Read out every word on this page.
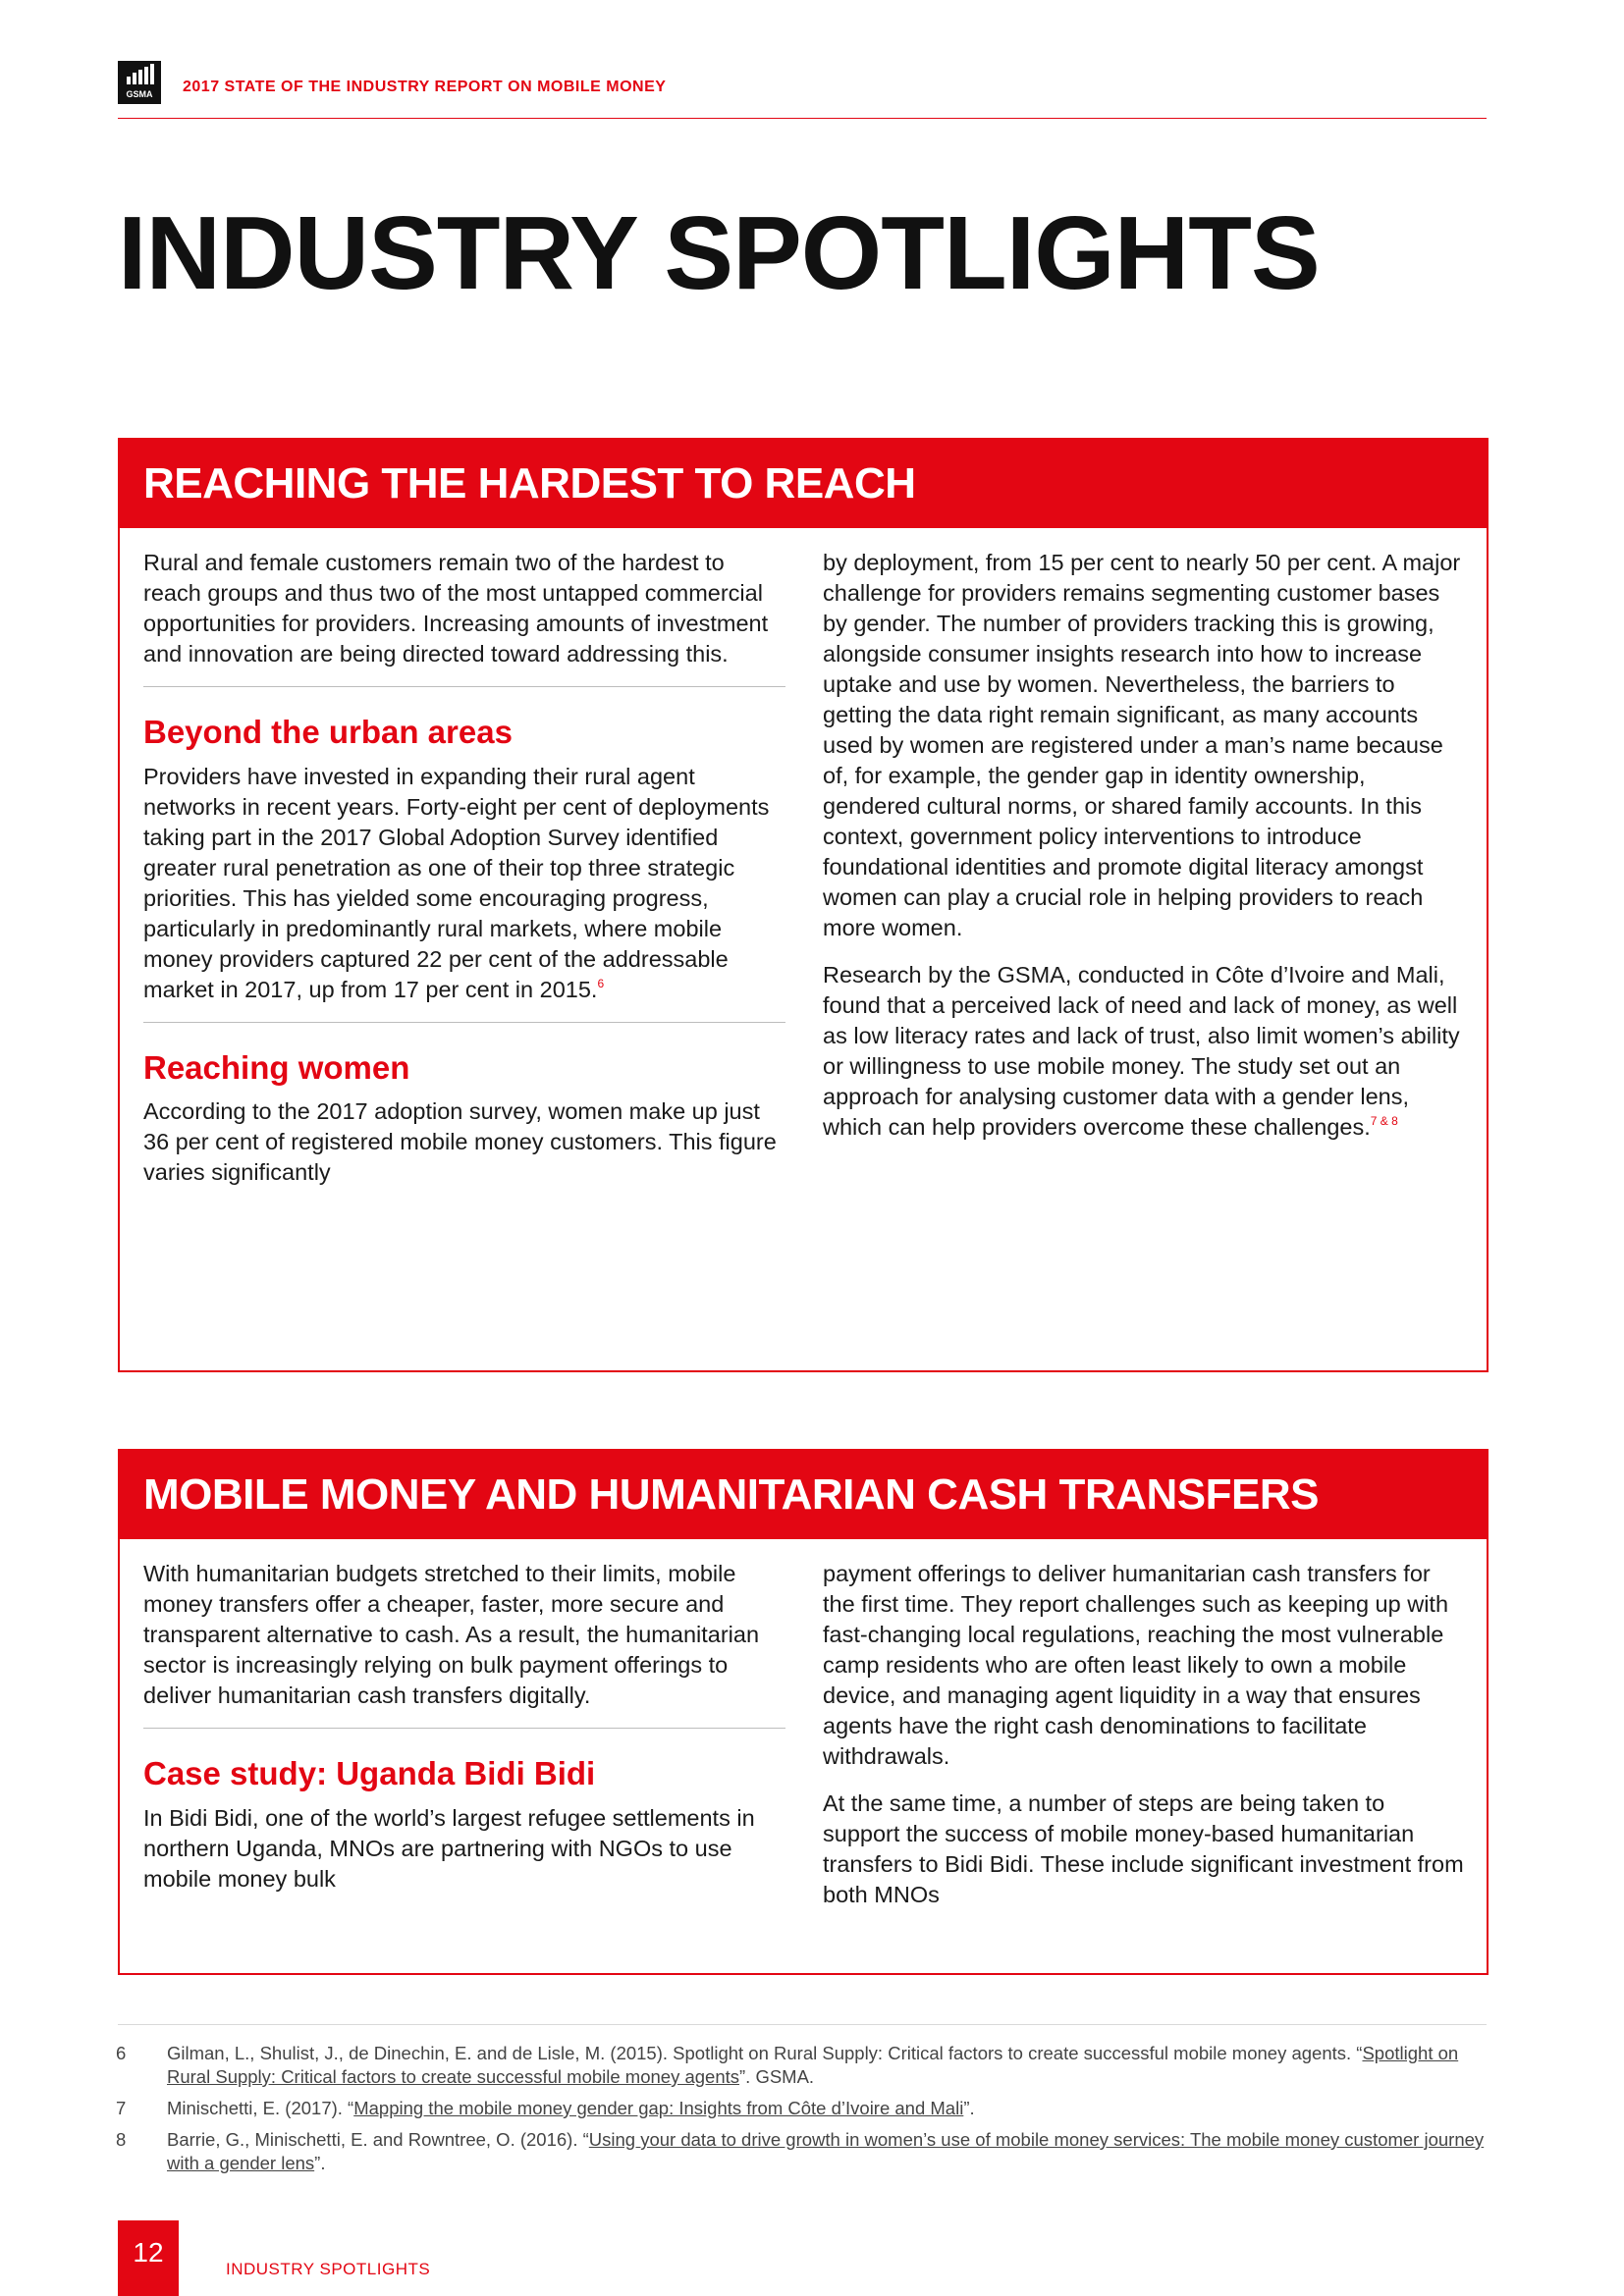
GSMA 2017 STATE OF THE INDUSTRY REPORT ON MOBILE MONEY
INDUSTRY SPOTLIGHTS
REACHING THE HARDEST TO REACH

Rural and female customers remain two of the hardest to reach groups and thus two of the most untapped commercial opportunities for providers. Increasing amounts of investment and innovation are being directed toward addressing this.

Beyond the urban areas

Providers have invested in expanding their rural agent networks in recent years. Forty-eight per cent of deployments taking part in the 2017 Global Adoption Survey identified greater rural penetration as one of their top three strategic priorities. This has yielded some encouraging progress, particularly in predominantly rural markets, where mobile money providers captured 22 per cent of the addressable market in 2017, up from 17 per cent in 2015.$^6$

Reaching women

According to the 2017 adoption survey, women make up just 36 per cent of registered mobile money customers. This figure varies significantly

by deployment, from 15 per cent to nearly 50 per cent. A major challenge for providers remains segmenting customer bases by gender. The number of providers tracking this is growing, alongside consumer insights research into how to increase uptake and use by women. Nevertheless, the barriers to getting the data right remain significant, as many accounts used by women are registered under a man’s name because of, for example, the gender gap in identity ownership, gendered cultural norms, or shared family accounts. In this context, government policy interventions to introduce foundational identities and promote digital literacy amongst women can play a crucial role in helping providers to reach more women.

Research by the GSMA, conducted in Côte d’Ivoire and Mali, found that a perceived lack of need and lack of money, as well as low literacy rates and lack of trust, also limit women’s ability or willingness to use mobile money. The study set out an approach for analysing customer data with a gender lens, which can help providers overcome these challenges.$^{7 \& 8}$

MOBILE MONEY AND HUMANITARIAN CASH TRANSFERS

With humanitarian budgets stretched to their limits, mobile money transfers offer a cheaper, faster, more secure and transparent alternative to cash. As a result, the humanitarian sector is increasingly relying on bulk payment offerings to deliver humanitarian cash transfers digitally.

Case study: Uganda Bidi Bidi

In Bidi Bidi, one of the world’s largest refugee settlements in northern Uganda, MNOs are partnering with NGOs to use mobile money bulk

payment offerings to deliver humanitarian cash transfers for the first time. They report challenges such as keeping up with fast-changing local regulations, reaching the most vulnerable camp residents who are often least likely to own a mobile device, and managing agent liquidity in a way that ensures agents have the right cash denominations to facilitate withdrawals.

At the same time, a number of steps are being taken to support the success of mobile money-based humanitarian transfers to Bidi Bidi. These include significant investment from both MNOs

6 Gilman, L., Shulist, J., de Dinechin, E. and de Lisle, M. (2015). Spotlight on Rural Supply: Critical factors to create successful mobile money agents. “Spotlight on Rural Supply: Critical factors to create successful mobile money agents”. GSMA.
7 Minischetti, E. (2017). “Mapping the mobile money gender gap: Insights from Côte d’Ivoire and Mali”.
8 Barrie, G., Minischetti, E. and Rowntree, O. (2016). “Using your data to drive growth in women’s use of mobile money services: The mobile money customer journey with a gender lens”.
12
INDUSTRY SPOTLIGHTS
